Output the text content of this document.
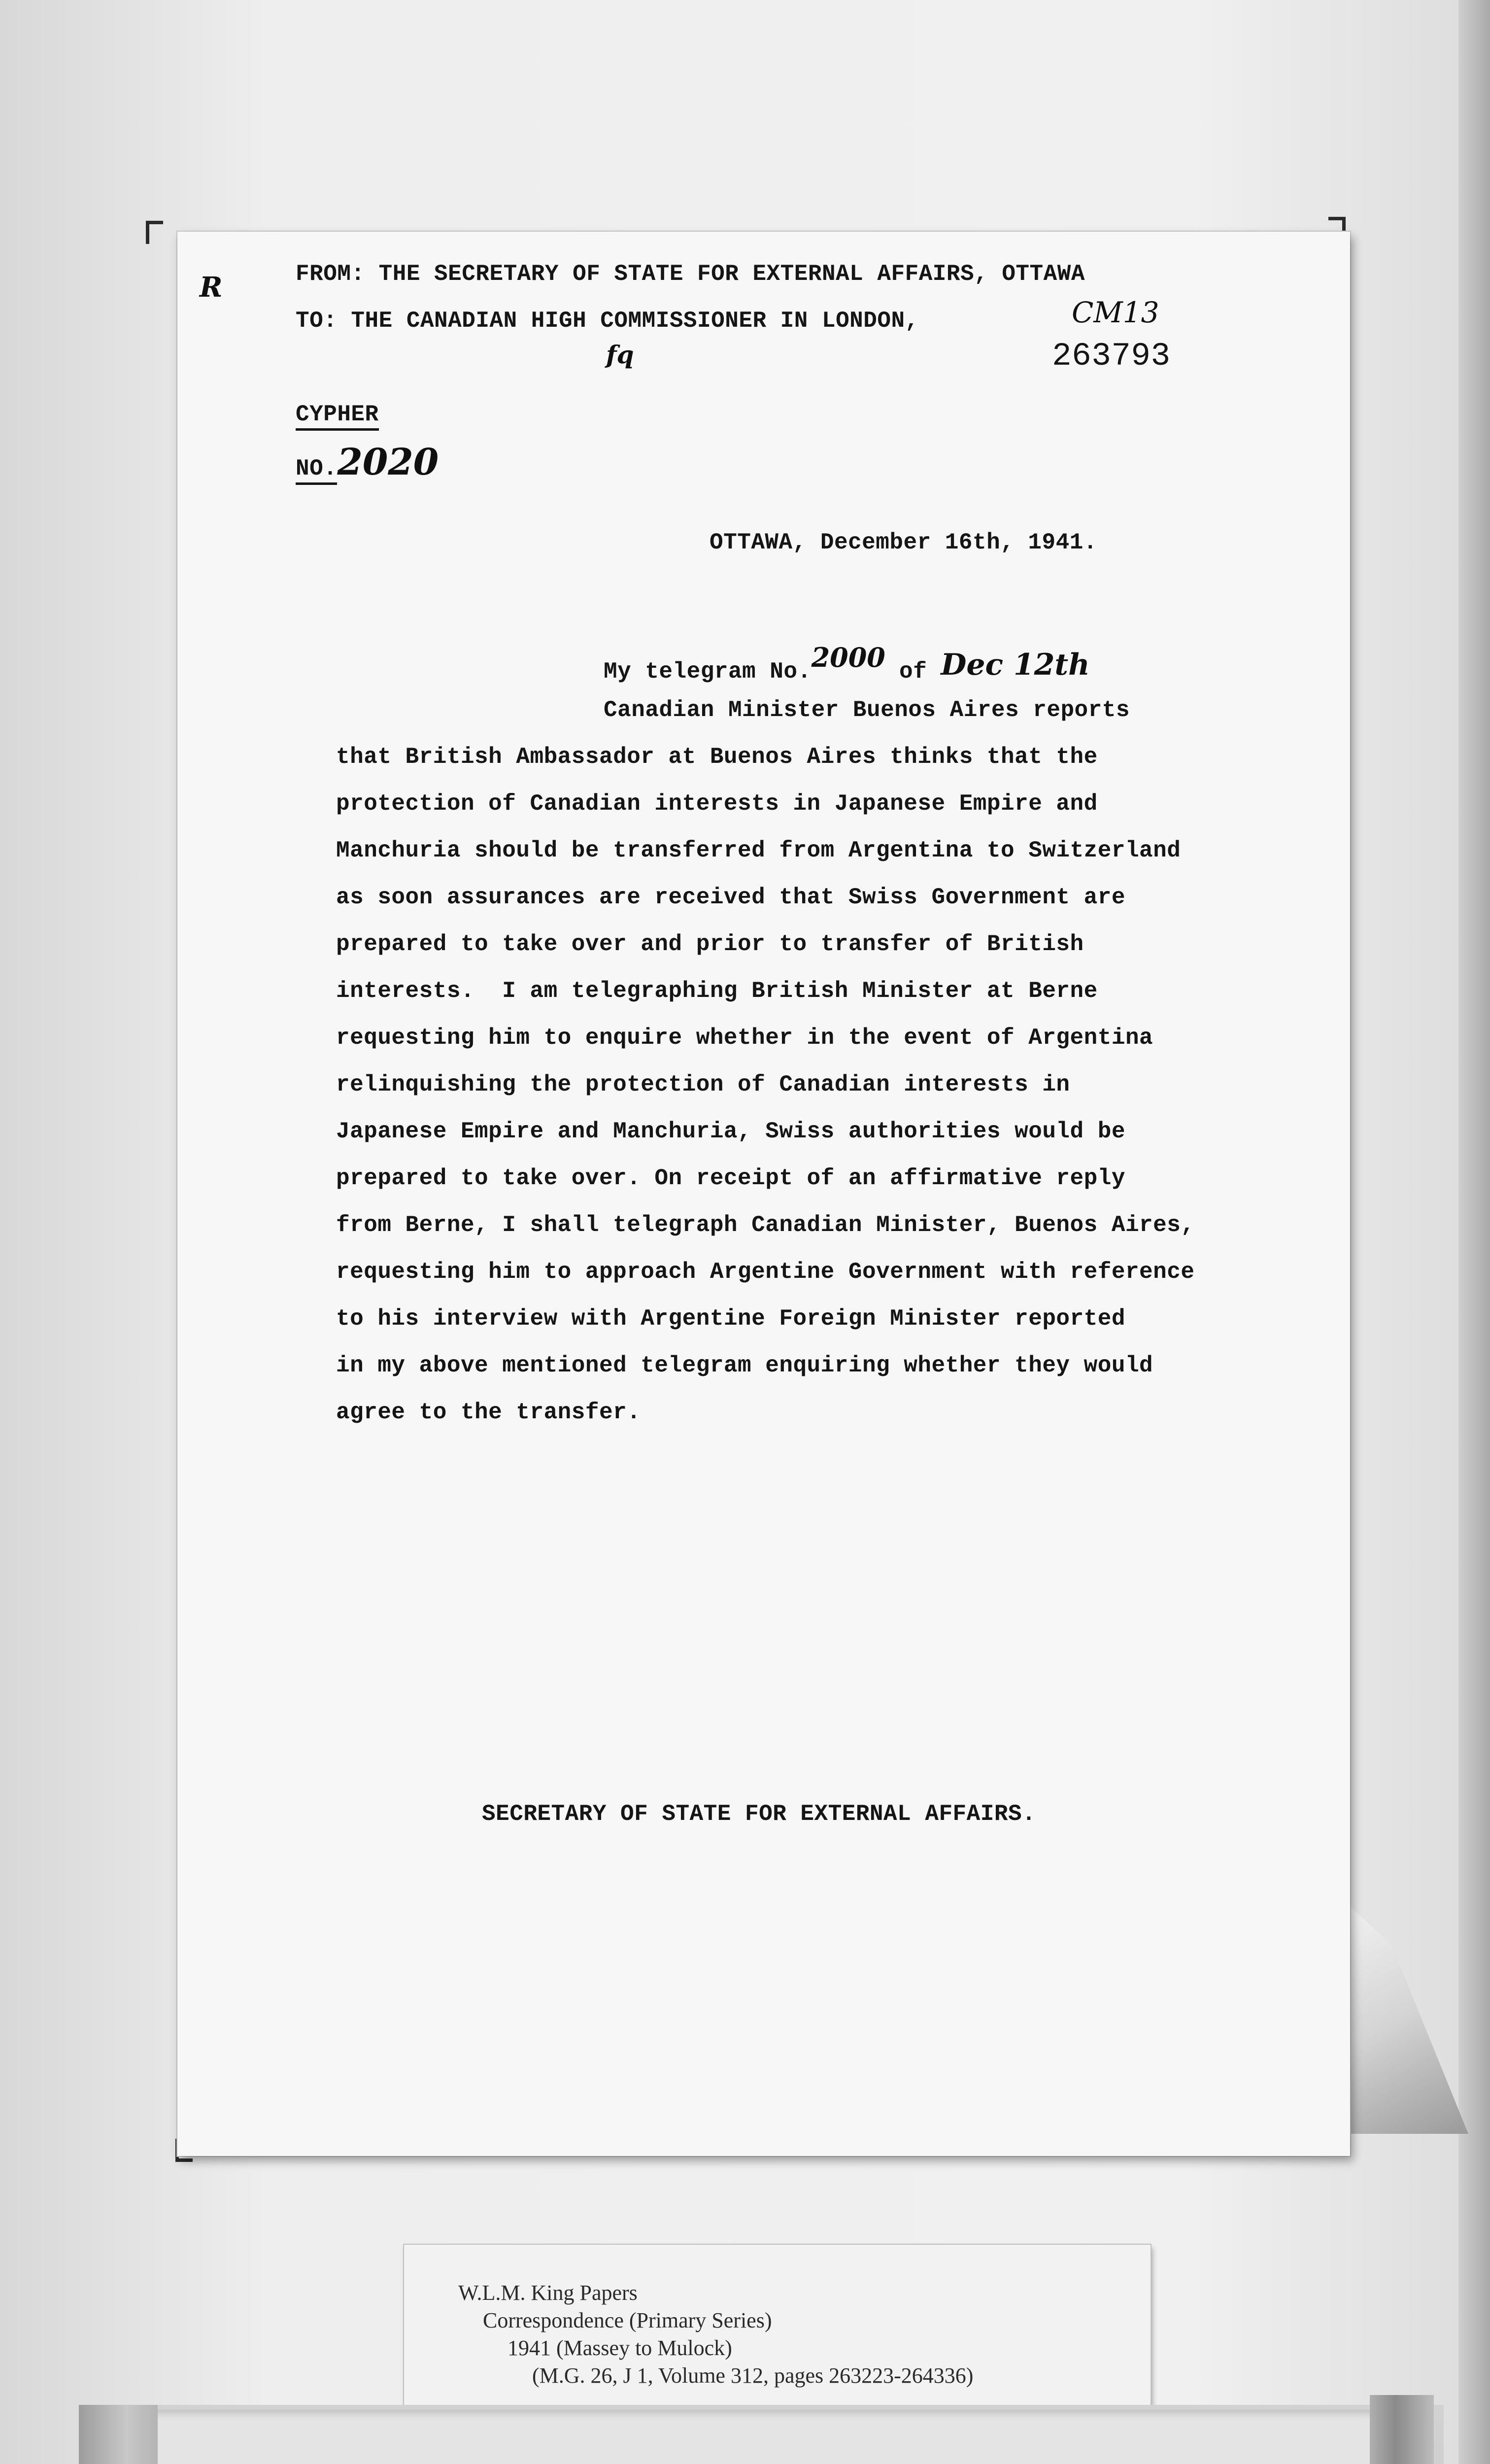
R	FROM: THE SECRETARY OF STATE FOR EXTERNAL AFFAIRS, OTTAWA
TO: THE CANADIAN HIGH COMMISSIONER IN LONDON,	CM13
263793
fq
CYPHER
NO.2020
OTTAWA, December 16th, 1941.
My telegram No.2000 of Dec 12th
Canadian Minister Buenos Aires reports
that British Ambassador at Buenos Aires thinks that the
protection of Canadian interests in Japanese Empire and
Manchuria should be transferred from Argentina to Switzerland
as soon assurances are received that Swiss Government are
prepared to take over and prior to transfer of British
interests.  I am telegraphing British Minister at Berne
requesting him to enquire whether in the event of Argentina
relinquishing the protection of Canadian interests in
Japanese Empire and Manchuria, Swiss authorities would be
prepared to take over. On receipt of an affirmative reply
from Berne, I shall telegraph Canadian Minister, Buenos Aires,
requesting him to approach Argentine Government with reference
to his interview with Argentine Foreign Minister reported
in my above mentioned telegram enquiring whether they would
agree to the transfer.
SECRETARY OF STATE FOR EXTERNAL AFFAIRS.
W.L.M. King Papers
Correspondence (Primary Series)
1941 (Massey to Mulock)
(M.G. 26, J 1, Volume 312, pages 263223-264336)
